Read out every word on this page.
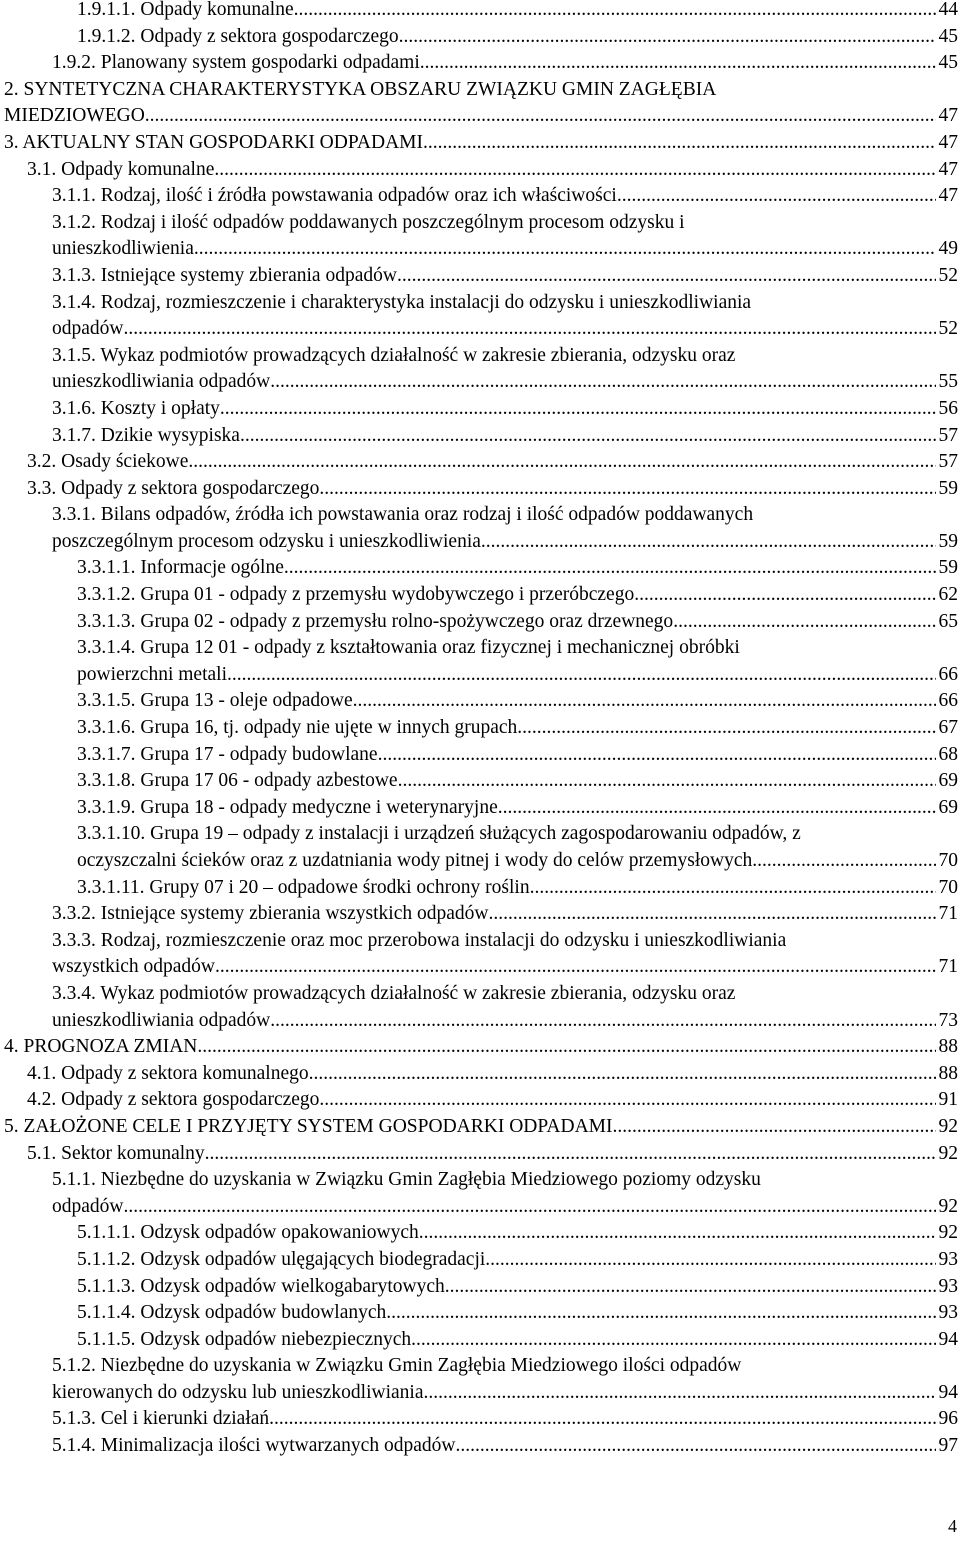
1.9.1.1. Odpady komunalne .....	44
1.9.1.2. Odpady z sektora gospodarczego .....	45
1.9.2. Planowany system gospodarki odpadami .....	45
2. SYNTETYCZNA CHARAKTERYSTYKA OBSZARU ZWIĄZKU GMIN ZAGŁĘBIA
MIEDZIOWEGO .....	47
3. AKTUALNY STAN GOSPODARKI ODPADAMI .....	47
3.1. Odpady komunalne .....	47
3.1.1. Rodzaj, ilość i źródła powstawania odpadów oraz ich właściwości .....	47
3.1.2. Rodzaj i ilość odpadów poddawanych poszczególnym procesom odzysku i
unieszkodliwienia .....	49
3.1.3. Istniejące systemy zbierania odpadów .....	52
3.1.4. Rodzaj, rozmieszczenie i charakterystyka instalacji do odzysku i unieszkodliwiania
odpadów .....	52
3.1.5. Wykaz podmiotów prowadzących działalność w zakresie zbierania, odzysku oraz
unieszkodliwiania odpadów .....	55
3.1.6. Koszty i opłaty .....	56
3.1.7. Dzikie wysypiska .....	57
3.2. Osady ściekowe .....	57
3.3. Odpady z sektora gospodarczego .....	59
3.3.1. Bilans odpadów, źródła ich powstawania oraz rodzaj i ilość odpadów poddawanych
poszczególnym procesom odzysku i unieszkodliwienia .....	59
3.3.1.1. Informacje ogólne .....	59
3.3.1.2. Grupa 01 - odpady z przemysłu wydobywczego i przeróbczego .....	62
3.3.1.3. Grupa 02 - odpady z przemysłu rolno-spożywczego oraz drzewnego .....	65
3.3.1.4. Grupa 12 01 - odpady z kształtowania oraz fizycznej i mechanicznej obróbki
powierzchni metali .....	66
3.3.1.5. Grupa 13 - oleje odpadowe .....	66
3.3.1.6. Grupa 16, tj. odpady nie ujęte w innych grupach .....	67
3.3.1.7. Grupa 17 - odpady budowlane .....	68
3.3.1.8. Grupa 17 06 - odpady azbestowe .....	69
3.3.1.9. Grupa 18 - odpady medyczne i weterynaryjne .....	69
3.3.1.10. Grupa 19 – odpady z instalacji i urządzeń służących zagospodarowaniu odpadów, z
oczyszczalni ścieków oraz z uzdatniania wody pitnej i wody do celów przemysłowych .....	70
3.3.1.11. Grupy 07 i 20 – odpadowe środki ochrony roślin .....	70
3.3.2. Istniejące systemy zbierania wszystkich odpadów .....	71
3.3.3. Rodzaj, rozmieszczenie oraz moc przerobowa instalacji do odzysku i unieszkodliwiania
wszystkich odpadów .....	71
3.3.4. Wykaz podmiotów prowadzących działalność w zakresie zbierania, odzysku oraz
unieszkodliwiania odpadów .....	73
4. PROGNOZA ZMIAN .....	88
4.1. Odpady z sektora komunalnego .....	88
4.2. Odpady z sektora gospodarczego .....	91
5. ZAŁOŻONE CELE I PRZYJĘTY SYSTEM GOSPODARKI ODPADAMI .....	92
5.1. Sektor komunalny .....	92
5.1.1. Niezbędne do uzyskania w Związku Gmin Zagłębia Miedziowego poziomy odzysku
odpadów .....	92
5.1.1.1. Odzysk odpadów opakowaniowych .....	92
5.1.1.2. Odzysk odpadów ulęgających biodegradacji .....	93
5.1.1.3. Odzysk odpadów wielkogabarytowych .....	93
5.1.1.4. Odzysk odpadów budowlanych .....	93
5.1.1.5. Odzysk odpadów niebezpiecznych .....	94
5.1.2. Niezbędne do uzyskania w Związku Gmin Zagłębia Miedziowego ilości odpadów
kierowanych do odzysku lub unieszkodliwiania .....	94
5.1.3. Cel i kierunki działań .....	96
5.1.4. Minimalizacja ilości wytwarzanych odpadów .....	97
4
